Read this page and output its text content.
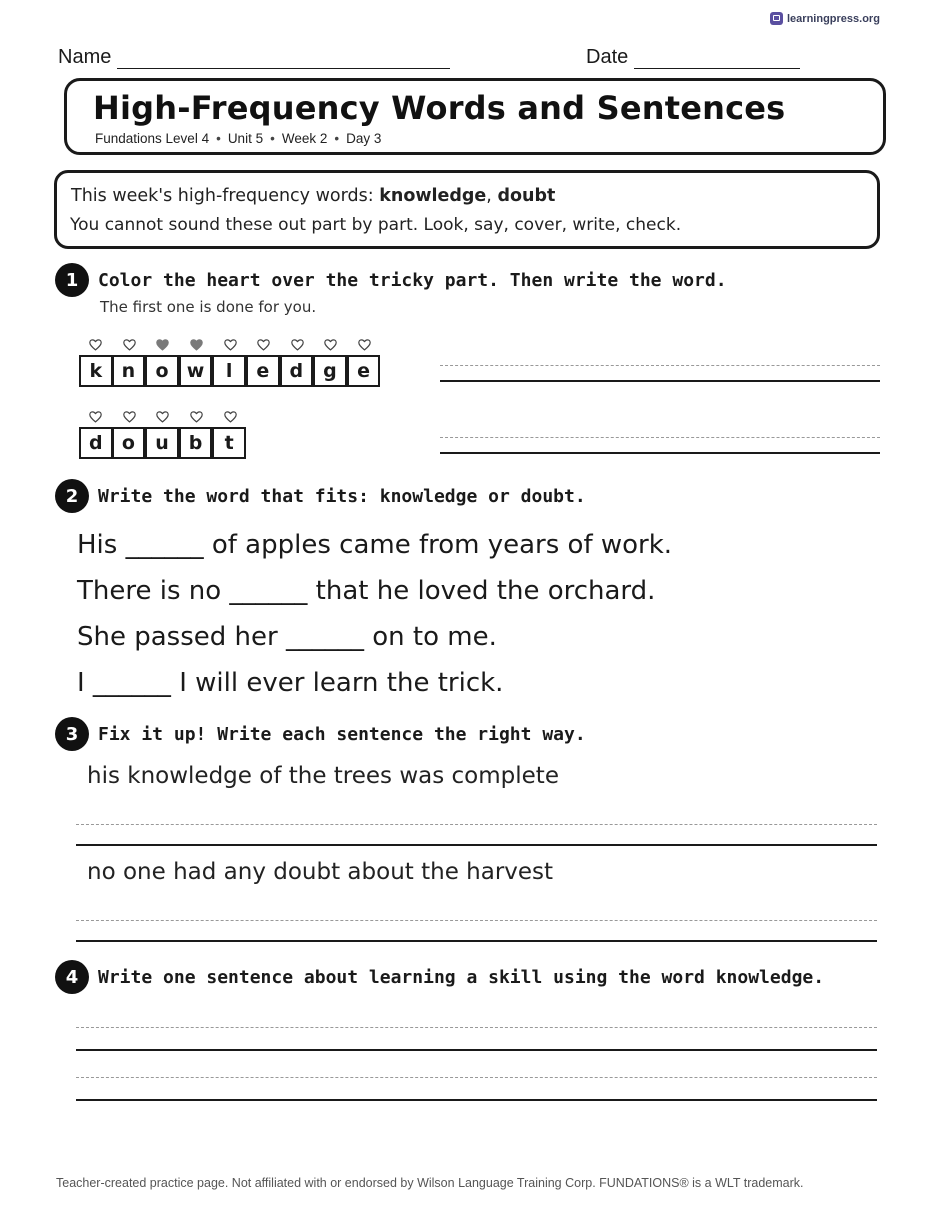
learningpress.org
Name	Date
High-Frequency Words and Sentences
Fundations Level 4 • Unit 5 • Week 2 • Day 3
This week's high-frequency words: knowledge, doubt
You cannot sound these out part by part. Look, say, cover, write, check.
1	Color the heart over the tricky part. Then write the word.
The first one is done for you.
k	n	o w	l	e	d	g	e
d	o	u	b	t
2	Write the word that fits: knowledge or doubt.
His ______ of apples came from years of work.
There is no ______ that he loved the orchard.
She passed her ______ on to me.
I ______ I will ever learn the trick.
3	Fix it up! Write each sentence the right way.
his knowledge of the trees was complete
no one had any doubt about the harvest
4	Write one sentence about learning a skill using the word knowledge.
Teacher-created practice page. Not affiliated with or endorsed by Wilson Language Training Corp. FUNDATIONS® is a WLT trademark.
